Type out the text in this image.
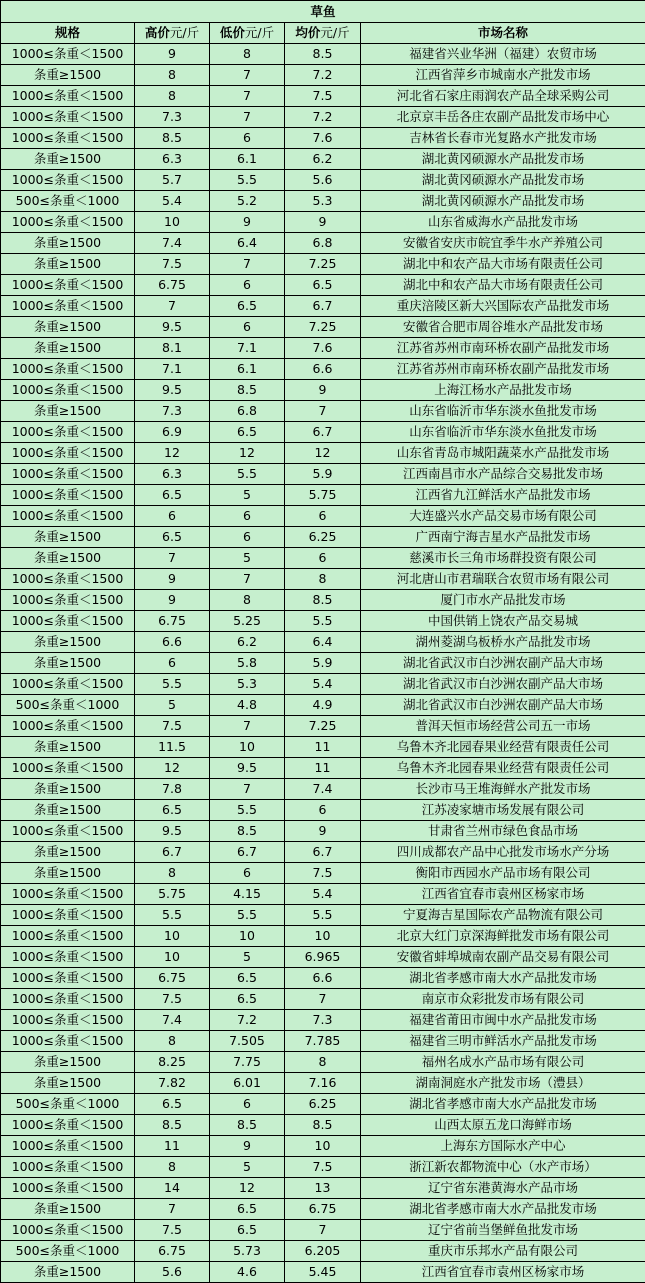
草鱼				
规格	高价元/斤	低价元/斤	均价元/斤	市场名称
1000≤条重＜1500	9	8	8.5	福建省兴业华洲（福建）农贸市场
条重≥1500	8	7	7.2	江西省萍乡市城南水产批发市场
1000≤条重＜1500	8	7	7.5	河北省石家庄雨润农产品全球采购公司
1000≤条重＜1500	7.3	7	7.2	北京京丰岳各庄农副产品批发市场中心
1000≤条重＜1500	8.5	6	7.6	吉林省长春市光复路水产批发市场
条重≥1500	6.3	6.1	6.2	湖北黄冈硕源水产品批发市场
1000≤条重＜1500	5.7	5.5	5.6	湖北黄冈硕源水产品批发市场
500≤条重＜1000	5.4	5.2	5.3	湖北黄冈硕源水产品批发市场
1000≤条重＜1500	10	9	9	山东省威海水产品批发市场
条重≥1500	7.4	6.4	6.8	安徽省安庆市皖宜季牛水产养殖公司
条重≥1500	7.5	7	7.25	湖北中和农产品大市场有限责任公司
1000≤条重＜1500	6.75	6	6.5	湖北中和农产品大市场有限责任公司
1000≤条重＜1500	7	6.5	6.7	重庆涪陵区新大兴国际农产品批发市场
条重≥1500	9.5	6	7.25	安徽省合肥市周谷堆水产品批发市场
条重≥1500	8.1	7.1	7.6	江苏省苏州市南环桥农副产品批发市场
1000≤条重＜1500	7.1	6.1	6.6	江苏省苏州市南环桥农副产品批发市场
1000≤条重＜1500	9.5	8.5	9	上海江杨水产品批发市场
条重≥1500	7.3	6.8	7	山东省临沂市华东淡水鱼批发市场
1000≤条重＜1500	6.9	6.5	6.7	山东省临沂市华东淡水鱼批发市场
1000≤条重＜1500	12	12	12	山东省青岛市城阳蔬菜水产品批发市场
1000≤条重＜1500	6.3	5.5	5.9	江西南昌市水产品综合交易批发市场
1000≤条重＜1500	6.5	5	5.75	江西省九江鲜活水产品批发市场
1000≤条重＜1500	6	6	6	大连盛兴水产品交易市场有限公司
条重≥1500	6.5	6	6.25	广西南宁海吉星水产品批发市场
条重≥1500	7	5	6	慈溪市长三角市场群投资有限公司
1000≤条重＜1500	9	7	8	河北唐山市君瑞联合农贸市场有限公司
1000≤条重＜1500	9	8	8.5	厦门市水产品批发市场
1000≤条重＜1500	6.75	5.25	5.5	中国供销上饶农产品交易城
条重≥1500	6.6	6.2	6.4	湖州菱湖乌板桥水产品批发市场
条重≥1500	6	5.8	5.9	湖北省武汉市白沙洲农副产品大市场
1000≤条重＜1500	5.5	5.3	5.4	湖北省武汉市白沙洲农副产品大市场
500≤条重＜1000	5	4.8	4.9	湖北省武汉市白沙洲农副产品大市场
1000≤条重＜1500	7.5	7	7.25	普洱天恒市场经营公司五一市场
条重≥1500	11.5	10	11	乌鲁木齐北园春果业经营有限责任公司
1000≤条重＜1500	12	9.5	11	乌鲁木齐北园春果业经营有限责任公司
条重≥1500	7.8	7	7.4	长沙市马王堆海鲜水产批发市场
条重≥1500	6.5	5.5	6	江苏凌家塘市场发展有限公司
1000≤条重＜1500	9.5	8.5	9	甘肃省兰州市绿色食品市场
条重≥1500	6.7	6.7	6.7	四川成都农产品中心批发市场水产分场
条重≥1500	8	6	7.5	衡阳市西园水产品市场有限公司
1000≤条重＜1500	5.75	4.15	5.4	江西省宜春市袁州区杨家市场
1000≤条重＜1500	5.5	5.5	5.5	宁夏海吉星国际农产品物流有限公司
1000≤条重＜1500	10	10	10	北京大红门京深海鲜批发市场有限公司
1000≤条重＜1500	10	5	6.965	安徽省蚌埠城南农副产品交易有限公司
1000≤条重＜1500	6.75	6.5	6.6	湖北省孝感市南大水产品批发市场
1000≤条重＜1500	7.5	6.5	7	南京市众彩批发市场有限公司
1000≤条重＜1500	7.4	7.2	7.3	福建省莆田市闽中水产品批发市场
1000≤条重＜1500	8	7.505	7.785	福建省三明市鲜活水产品批发市场
条重≥1500	8.25	7.75	8	福州名成水产品市场有限公司
条重≥1500	7.82	6.01	7.16	湖南洞庭水产批发市场（澧县）
500≤条重＜1000	6.5	6	6.25	湖北省孝感市南大水产品批发市场
1000≤条重＜1500	8.5	8.5	8.5	山西太原五龙口海鲜市场
1000≤条重＜1500	11	9	10	上海东方国际水产中心
1000≤条重＜1500	8	5	7.5	浙江新农都物流中心（水产市场）
1000≤条重＜1500	14	12	13	辽宁省东港黄海水产品市场
条重≥1500	7	6.5	6.75	湖北省孝感市南大水产品批发市场
1000≤条重＜1500	7.5	6.5	7	辽宁省前当堡鲜鱼批发市场
500≤条重＜1000	6.75	5.73	6.205	重庆市乐邦水产品有限公司
条重≥1500	5.6	4.6	5.45	江西省宜春市袁州区杨家市场
